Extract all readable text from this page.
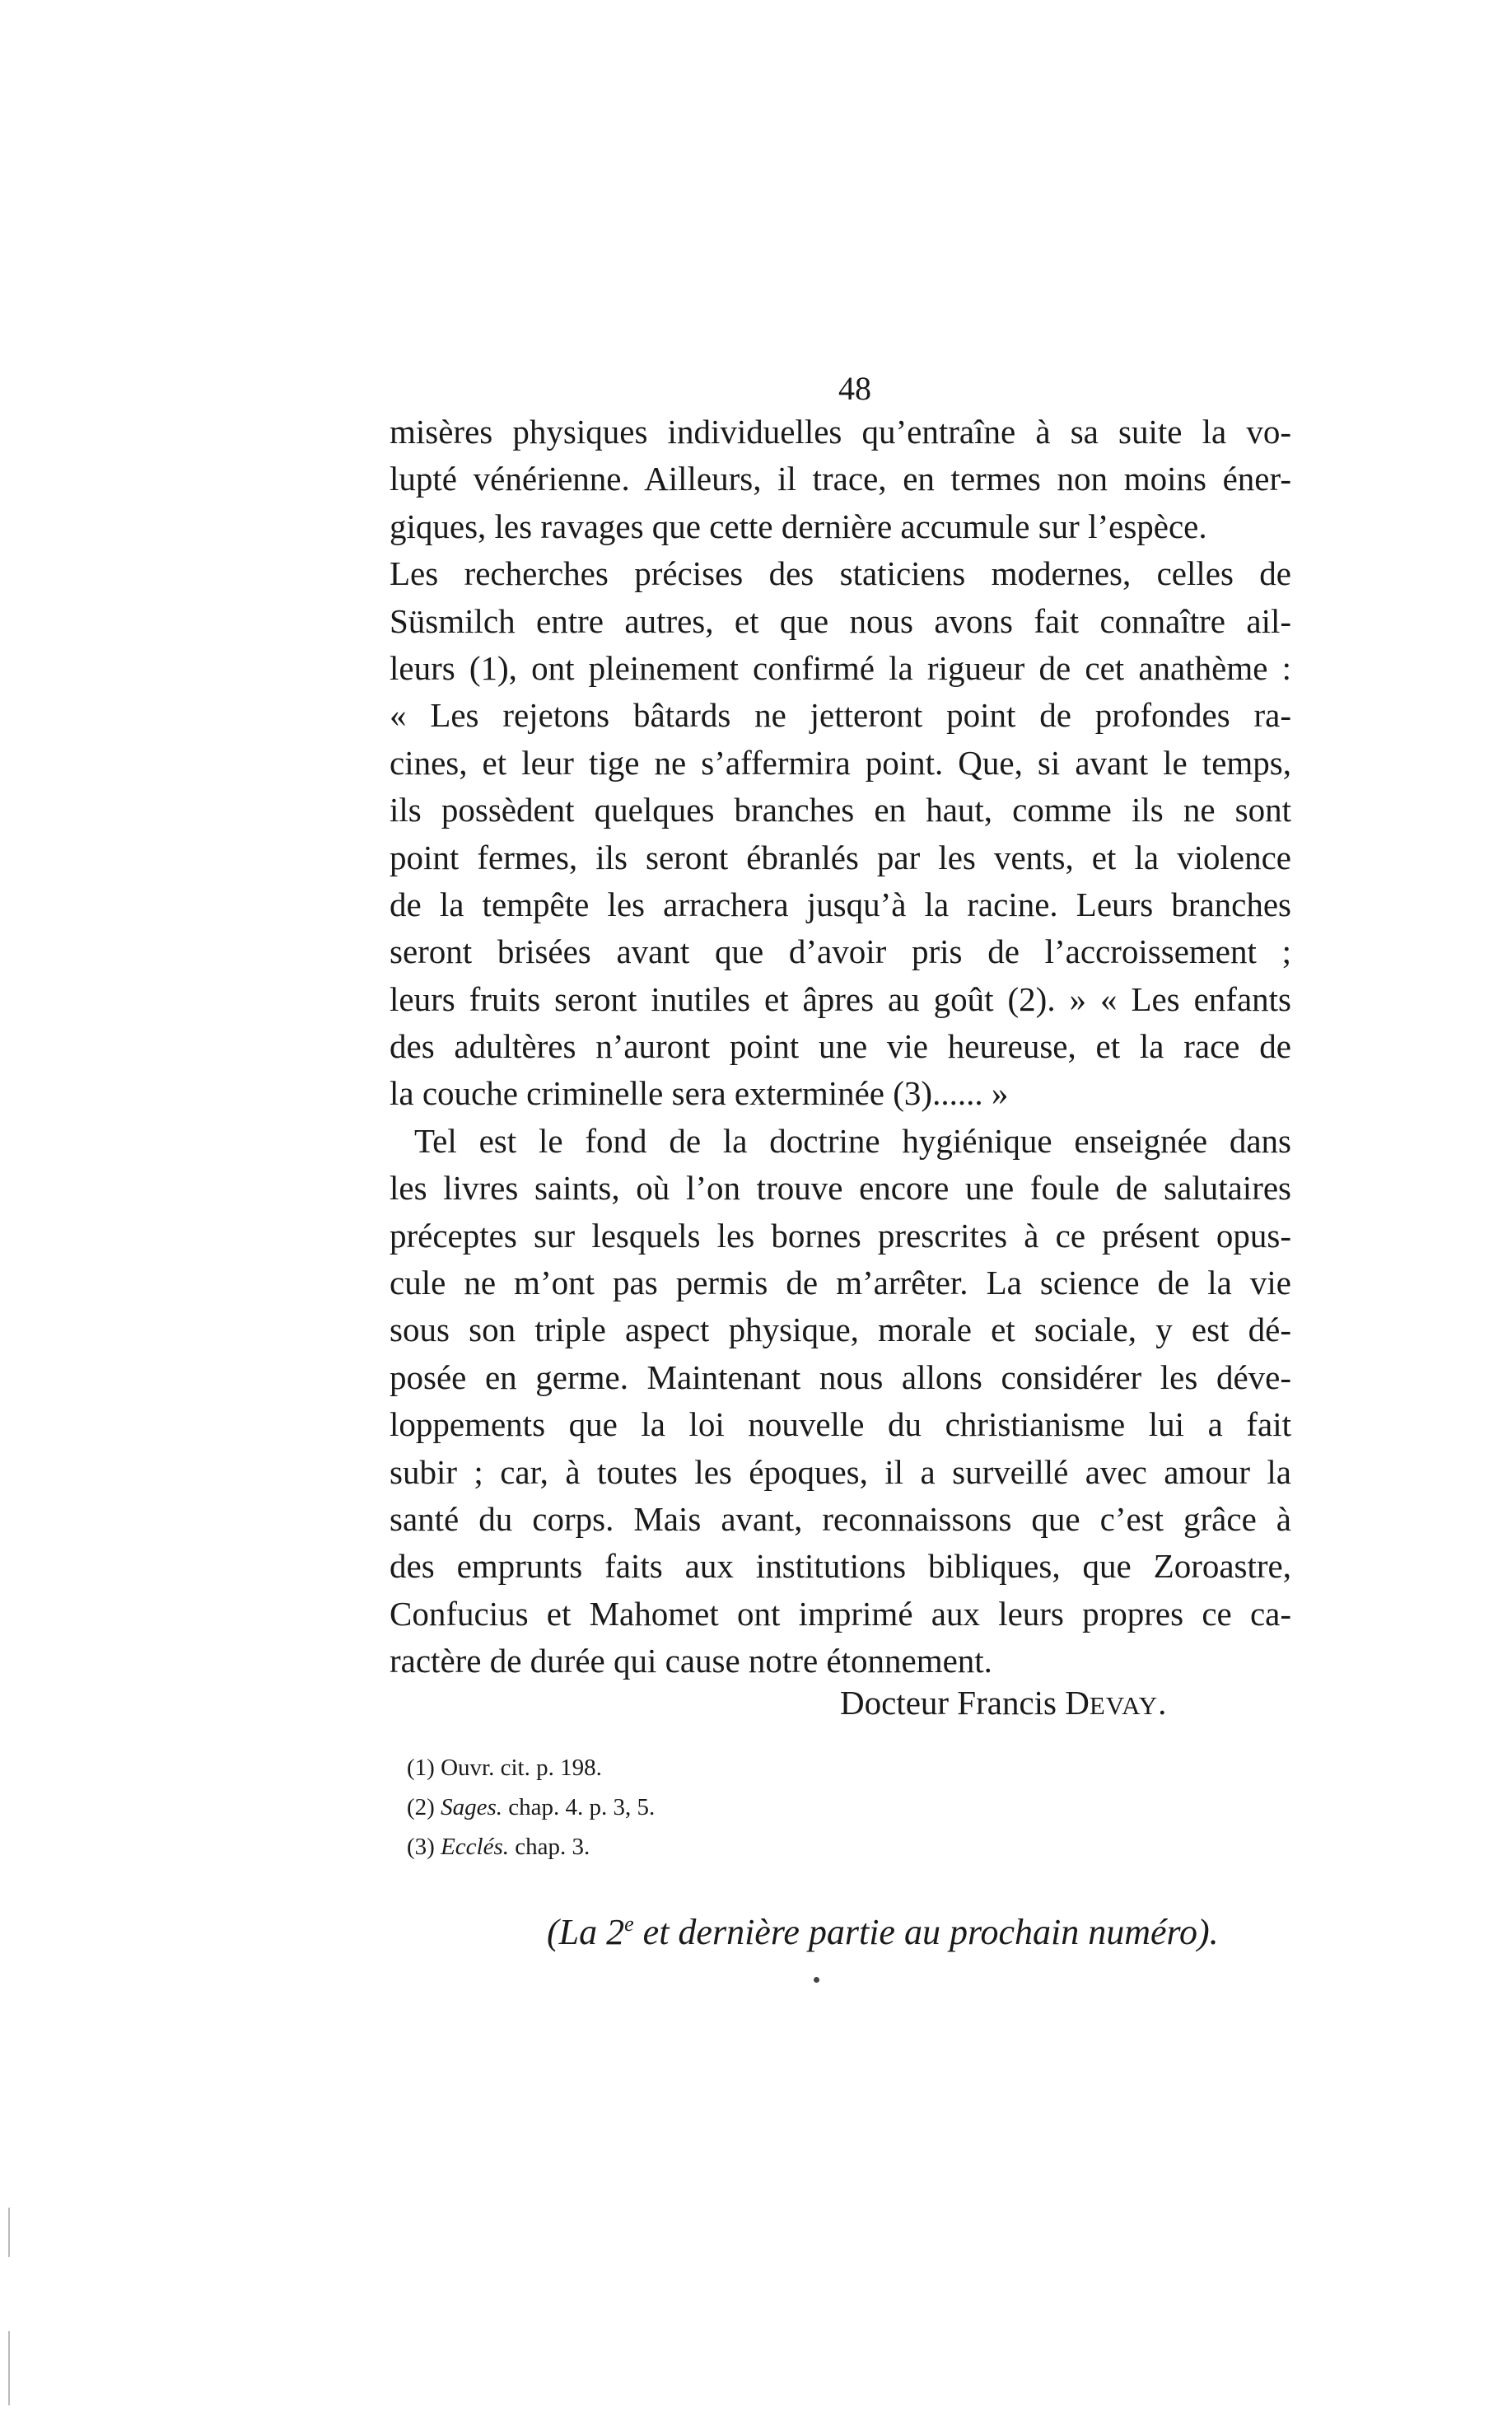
48
misères physiques individuelles qu’entraîne à sa suite la vo-
lupté vénérienne. Ailleurs, il trace, en termes non moins éner-
giques, les ravages que cette dernière accumule sur l’espèce.
Les recherches précises des staticiens modernes, celles de
Süsmilch entre autres, et que nous avons fait connaître ail-
leurs (1), ont pleinement confirmé la rigueur de cet anathème :
« Les rejetons bâtards ne jetteront point de profondes ra-
cines, et leur tige ne s’affermira point. Que, si avant le temps,
ils possèdent quelques branches en haut, comme ils ne sont
point fermes, ils seront ébranlés par les vents, et la violence
de la tempête les arrachera jusqu’à la racine. Leurs branches
seront brisées avant que d’avoir pris de l’accroissement ;
leurs fruits seront inutiles et âpres au goût (2). » « Les enfants
des adultères n’auront point une vie heureuse, et la race de
la couche criminelle sera exterminée (3)...... »
Tel est le fond de la doctrine hygiénique enseignée dans
les livres saints, où l’on trouve encore une foule de salutaires
préceptes sur lesquels les bornes prescrites à ce présent opus-
cule ne m’ont pas permis de m’arrêter. La science de la vie
sous son triple aspect physique, morale et sociale, y est dé-
posée en germe. Maintenant nous allons considérer les déve-
loppements que la loi nouvelle du christianisme lui a fait
subir ; car, à toutes les époques, il a surveillé avec amour la
santé du corps. Mais avant, reconnaissons que c’est grâce à
des emprunts faits aux institutions bibliques, que Zoroastre,
Confucius et Mahomet ont imprimé aux leurs propres ce ca-
ractère de durée qui cause notre étonnement.
Docteur Francis DEVAY.
(1) Ouvr. cit. p. 198.
(2) Sages. chap. 4. p. 3, 5.
(3) Ecclés. chap. 3.
(La 2e et dernière partie au prochain numéro).
